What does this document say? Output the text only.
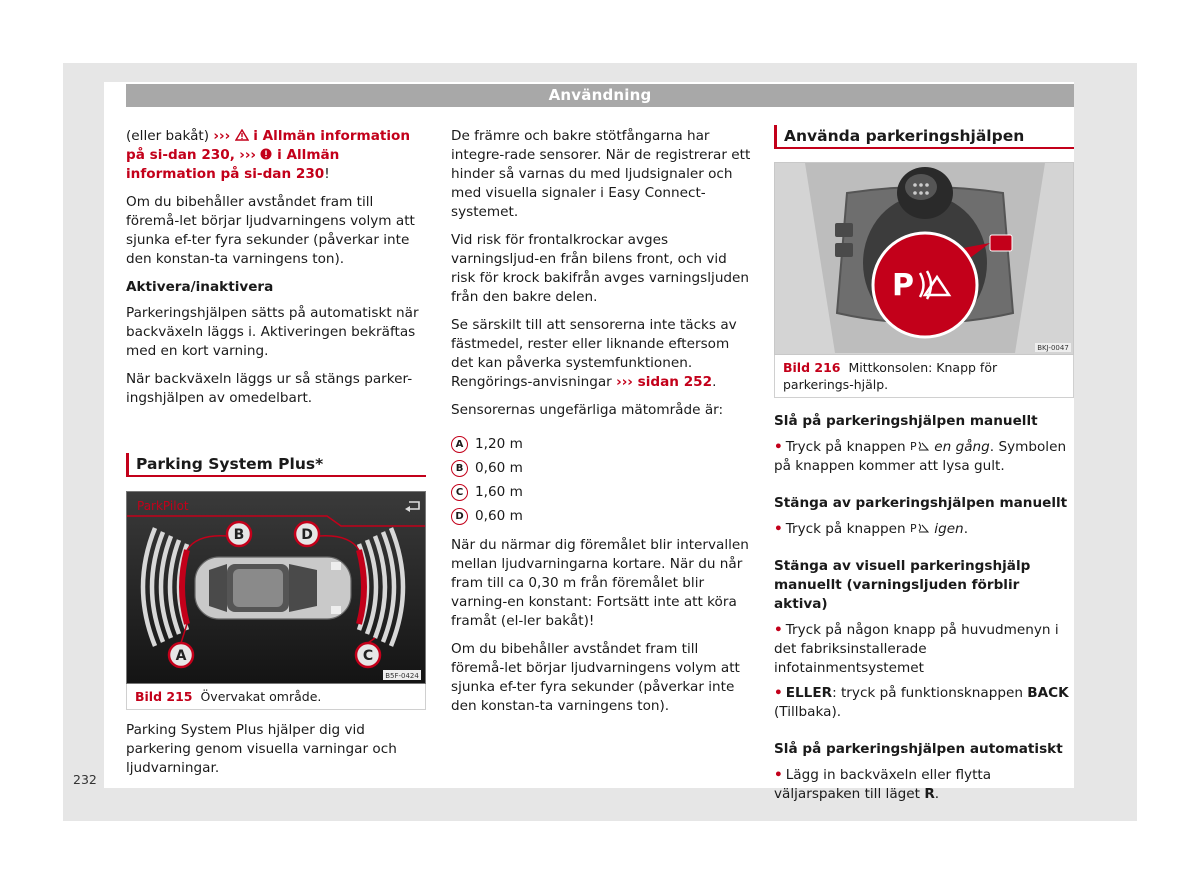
Användning

(eller bakåt) ›››  i Allmän information på si-dan 230, ›››  i Allmän information på si-dan 230!

Om du bibehåller avståndet fram till föremå-let börjar ljudvarningens volym att sjunka ef-ter fyra sekunder (påverkar inte den konstan-ta varningens ton).

Aktivera/inaktivera

Parkeringshjälpen sätts på automatiskt när backväxeln läggs i. Aktiveringen bekräftas med en kort varning.

När backväxeln läggs ur så stängs parker-ingshjälpen av omedelbart.

Parking System Plus*
ParkPilot
A
B
C
D
B5F-0424
Bild 215 Övervakat område.

Parking System Plus hjälper dig vid parkering genom visuella varningar och ljudvarningar.

De främre och bakre stötfångarna har integre-rade sensorer. När de registrerar ett hinder så varnas du med ljudsignaler och med visuella signaler i Easy Connect-systemet.

Vid risk för frontalkrockar avges varningsljud-en från bilens front, och vid risk för krock bakifrån avges varningsljuden från den bakre delen.

Se särskilt till att sensorerna inte täcks av fästmedel, rester eller liknande eftersom det kan påverka systemfunktionen. Rengörings-anvisningar ››› sidan 252.

Sensorernas ungefärliga mätområde är:

A 1,20 m
B 0,60 m
C 1,60 m
D 0,60 m

När du närmar dig föremålet blir intervallen mellan ljudvarningarna kortare. När du når fram till ca 0,30 m från föremålet blir varning-en konstant: Fortsätt inte att köra framåt (el-ler bakåt)!

Om du bibehåller avståndet fram till föremå-let börjar ljudvarningens volym att sjunka ef-ter fyra sekunder (påverkar inte den konstan-ta varningens ton).

Använda parkeringshjälpen
P
BKJ-0047
Bild 216 Mittkonsolen: Knapp för parkerings-hjälp.

Slå på parkeringshjälpen manuellt

• Tryck på knappen P en gång. Symbolen på knappen kommer att lysa gult.

Stänga av parkeringshjälpen manuellt

• Tryck på knappen P igen.

Stänga av visuell parkeringshjälp manuellt (varningsljuden förblir aktiva)

• Tryck på någon knapp på huvudmenyn i det fabriksinstallerade infotainmentsystemet

• ELLER: tryck på funktionsknappen BACK (Tillbaka).

Slå på parkeringshjälpen automatiskt

• Lägg in backväxeln eller flytta väljarspaken till läget R.

232
